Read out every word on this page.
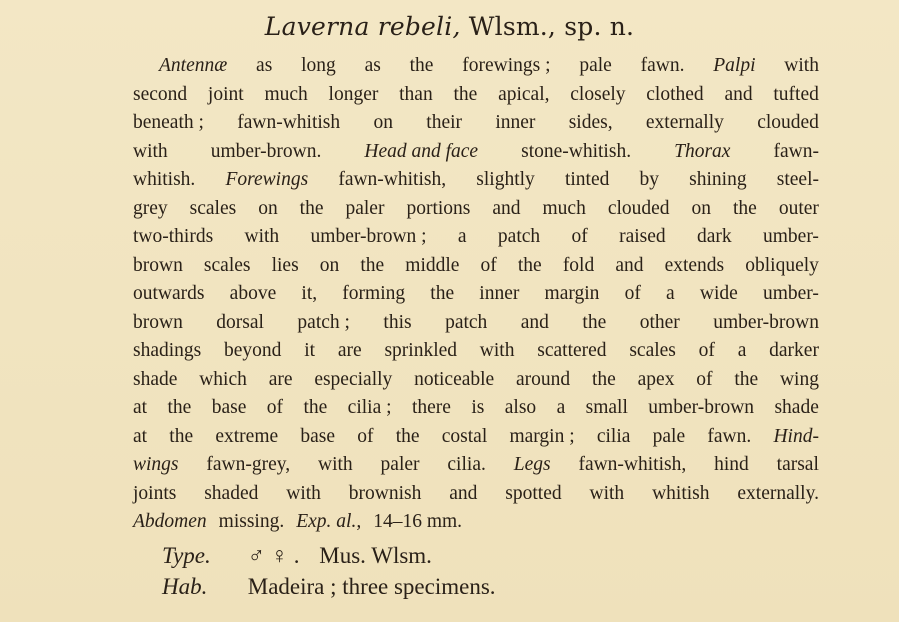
Laverna rebeli, Wlsm., sp. n.
Antennæ as long as the forewings ; pale fawn. Palpi with
second joint much longer than the apical, closely clothed and tufted
beneath ; fawn-whitish on their inner sides, externally clouded
with umber-brown. Head and face stone-whitish. Thorax fawn-
whitish. Forewings fawn-whitish, slightly tinted by shining steel-
grey scales on the paler portions and much clouded on the outer
two-thirds with umber-brown ; a patch of raised dark umber-
brown scales lies on the middle of the fold and extends obliquely
outwards above it, forming the inner margin of a wide umber-
brown dorsal patch ; this patch and the other umber-brown
shadings beyond it are sprinkled with scattered scales of a darker
shade which are especially noticeable around the apex of the wing
at the base of the cilia ; there is also a small umber-brown shade
at the extreme base of the costal margin ; cilia pale fawn. Hind-
wings fawn-grey, with paler cilia. Legs fawn-whitish, hind tarsal
joints shaded with brownish and spotted with whitish externally.
Abdomen missing. Exp. al., 14–16 mm.
Type. ♂ ♀ . Mus. Wlsm.
Hab. Madeira ; three specimens.
